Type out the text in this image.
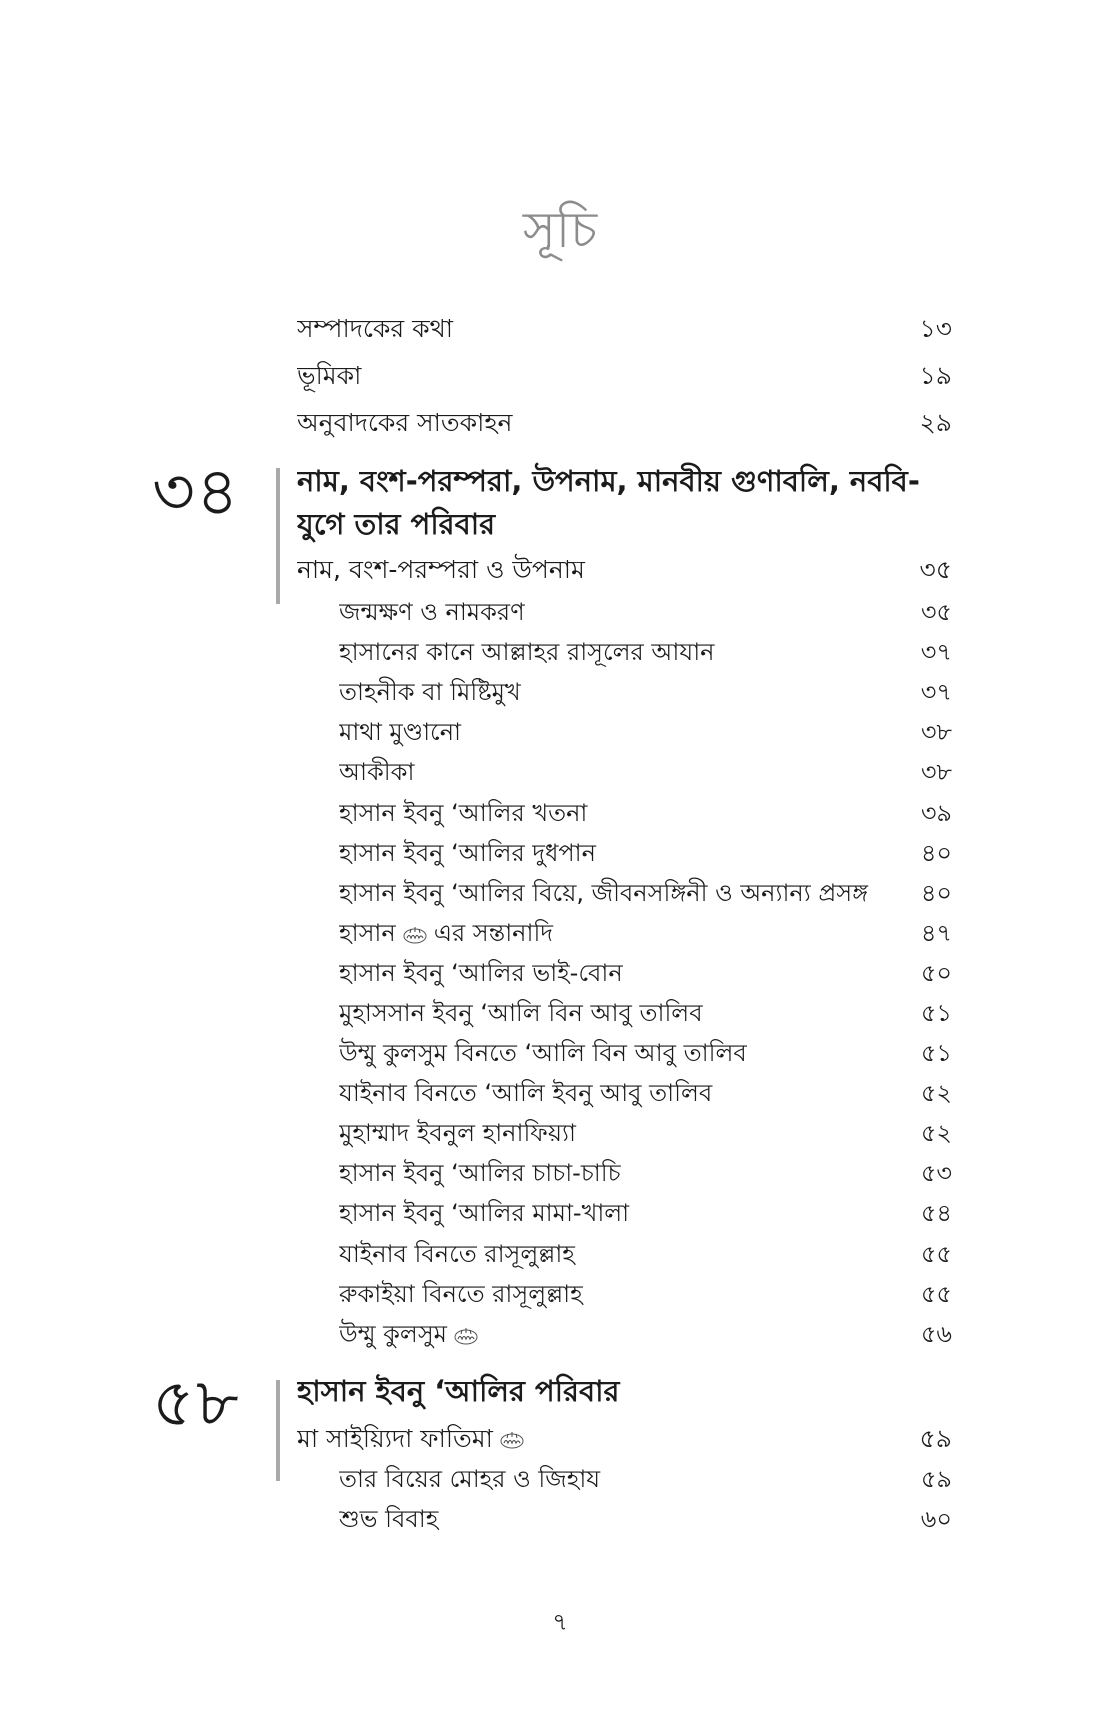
সূচি
সম্পাদকের কথা	১৩
ভূমিকা	১৯
অনুবাদকের সাতকাহন	২৯
৩৪	নাম, বংশ-পরম্পরা, উপনাম, মানবীয় গুণাবলি, নববি-
যুগে তার পরিবার
নাম, বংশ-পরম্পরা ও উপনাম	৩৫
জন্মক্ষণ ও নামকরণ	৩৫
হাসানের কানে আল্লাহর রাসূলের আযান	৩৭
তাহনীক বা মিষ্টিমুখ	৩৭
মাথা মুণ্ডানো	৩৮
আকীকা	৩৮
হাসান ইবনু ‘আলির খতনা	৩৯
হাসান ইবনু ‘আলির দুধপান	৪০
হাসান ইবনু ‘আলির বিয়ে, জীবনসঙ্গিনী ও অন্যান্য প্রসঙ্গ	৪০
হাসান এর সন্তানাদি	৪৭
হাসান ইবনু ‘আলির ভাই-বোন	৫০
মুহাসসান ইবনু ‘আলি বিন আবু তালিব	৫১
উম্মু কুলসুম বিনতে ‘আলি বিন আবু তালিব	৫১
যাইনাব বিনতে ‘আলি ইবনু আবু তালিব	৫২
মুহাম্মাদ ইবনুল হানাফিয়্যা	৫২
হাসান ইবনু ‘আলির চাচা-চাচি	৫৩
হাসান ইবনু ‘আলির মামা-খালা	৫৪
যাইনাব বিনতে রাসূলুল্লাহ	৫৫
রুকাইয়া বিনতে রাসূলুল্লাহ	৫৫
উম্মু কুলসুম	৫৬
৫৮	হাসান ইবনু ‘আলির পরিবার
মা সাইয়্যিদা ফাতিমা	৫৯
তার বিয়ের মোহর ও জিহায	৫৯
শুভ বিবাহ	৬০
৭
